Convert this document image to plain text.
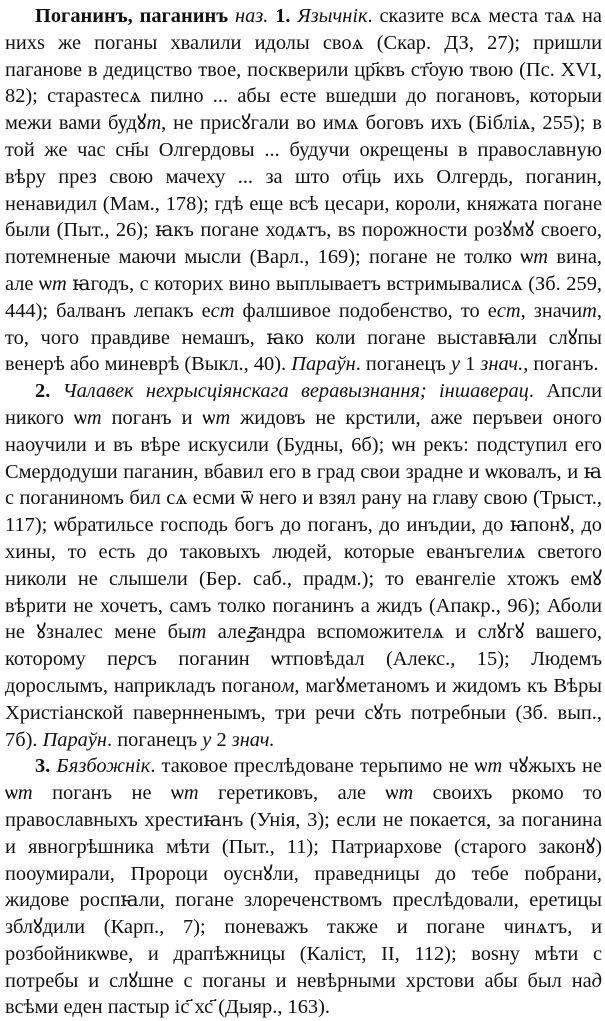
Поганинъ, паганинъ наз. 1. Язычнік. сказите всѧ места таѧ на нихѕ же поганы хвалили идолы своѧ (Скар. ДЗ, 27); пришли паганове в дедицство твое, поскверили цр҃квъ ст҃оую твою (Пс. XVI, 82); стараѕтесѧ пилно ... абы есте вшедши до погановъ, которыи межи вами будꙋт, не присꙋгали во имѧ боговъ ихъ (Бібліѧ, 255); в той же час сн҃ы Олгердовы ... будучи окрещены в православную вѣру през свою мачеху ... за што от҃ць ихь Олгердь, поганин, ненавидил (Мам., 178); гдѣ еще всѣ цесари, короли, княжата погане были (Пыт., 26); ꙗкъ погане ходѧтъ, вѕ порожности розꙋмꙋ своего, потемненые маючи мысли (Варл., 169); погане не толко ѡт вина, але ѡт ꙗгодъ, с которих вино выплываетъ встримывалисѧ (Зб. 259, 444); балванъ лепакъ ест фалшивое подобенство, то ест, значит, то, чого правдиве немашъ, ꙗко коли погане выставꙗли слꙋпы венерѣ або миневрѣ (Выкл., 40). Параўн. поганецъ у 1 знач., поганъ.

2. Чалавек нехрысціянскага веравызнання; іншаверац. Апсли никого ѡт поганъ и ѡт жидовъ не крстили, аже перъвеи оного наоучили и въ вѣре искусили (Будны, 6б); ѡн рекъ: подступил его Смердодуши паганин, вбавил его в град свои зрадне и ѡковалъ, и ꙗ с поганиномъ бил сѧ есми ѿ него и взял рану на главу свою (Трыст., 117); ѡбратильсе господь богъ до поганъ, до инъдии, до ꙗпонꙋ, до хины, то есть до таковыхъ людей, которые еванъгелиѧ светого николи не слышели (Бер. саб., прадм.); то евангеліе хтожъ емꙋ вѣрити не хочетъ, самъ толко поганинъ а жидъ (Апакр., 96); Аболи не ꙋзналес мене быт алеꙃандра вспоможителѧ и слꙋгꙋ вашего, которому персъ поганин ѡтповѣдал (Алекс., 15); Людемъ дорослымъ, наприкладъ поганом, магꙋметаномъ и жидомъ къ Вѣры Христіанской павернненымъ, три речи сꙋть потребныи (Зб. вып., 7б). Параўн. поганецъ у 2 знач.

3. Бязбожнік. таковое преслѣдоване терьпимо не ѡт чꙋжыхъ не ѡт поганъ не ѡт геретиковъ, але ѡт своихъ ркомо то православныхъ хрестиꙗнъ (Унія, 3); если не покается, за поганина и явногрѣшника мѣти (Пыт., 11); Патриархове (старого законꙋ) пооумирали, Пророци оуснꙋли, праведницы до тебе побрани, жидове роспꙗли, погане злореченствомъ преслѣдовали, еретицы зблꙋдили (Карп., 7); поневажъ также и погане чинѧтъ, и розбойникѡве, и драпѣжницы (Каліст, II, 112); воѕну мѣти с потребы и слꙋшне с поганы и невѣрными хрстови абы был над всѣми еден пастыр іс҃ хс҃ (Дыяр., 163).
